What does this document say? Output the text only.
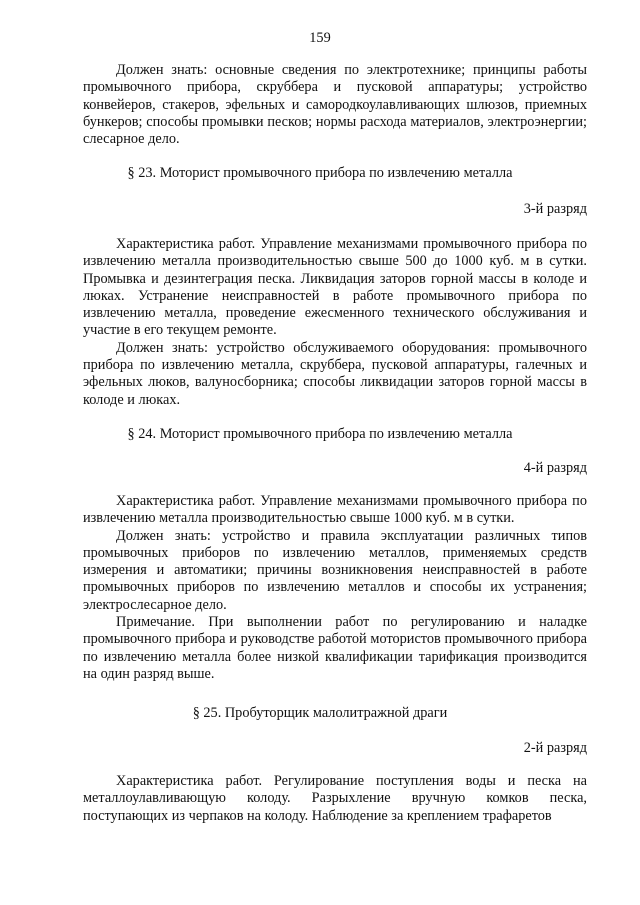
159

Должен знать: основные сведения по электротехнике; принципы работы промывочного прибора, скруббера и пусковой аппаратуры; устройство конвейеров, стакеров, эфельных и самородкоулавливающих шлюзов, приемных бункеров; способы промывки песков; нормы расхода материалов, электроэнергии; слесарное дело.

§ 23. Моторист промывочного прибора по извлечению металла
3-й разряд

Характеристика работ. Управление механизмами промывочного прибора по извлечению металла производительностью свыше 500 до 1000 куб. м в сутки. Промывка и дезинтеграция песка. Ликвидация заторов горной массы в колоде и люках. Устранение неисправностей в работе промывочного прибора по извлечению металла, проведение ежесменного технического обслуживания и участие в его текущем ремонте.

Должен знать: устройство обслуживаемого оборудования: промывочного прибора по извлечению металла, скруббера, пусковой аппаратуры, галечных и эфельных люков, валуносборника; способы ликвидации заторов горной массы в колоде и люках.

§ 24. Моторист промывочного прибора по извлечению металла
4-й разряд

Характеристика работ. Управление механизмами промывочного прибора по извлечению металла производительностью свыше 1000 куб. м в сутки.

Должен знать: устройство и правила эксплуатации различных типов промывочных приборов по извлечению металлов, применяемых средств измерения и автоматики; причины возникновения неисправностей в работе промывочных приборов по извлечению металлов и способы их устранения; электрослесарное дело.

Примечание. При выполнении работ по регулированию и наладке промывочного прибора и руководстве работой мотористов промывочного прибора по извлечению металла более низкой квалификации тарификация производится на один разряд выше.

§ 25. Пробуторщик малолитражной драги
2-й разряд

Характеристика работ. Регулирование поступления воды и песка на металлоулавливающую колоду. Разрыхление вручную комков песка, поступающих из черпаков на колоду. Наблюдение за креплением трафаретов
